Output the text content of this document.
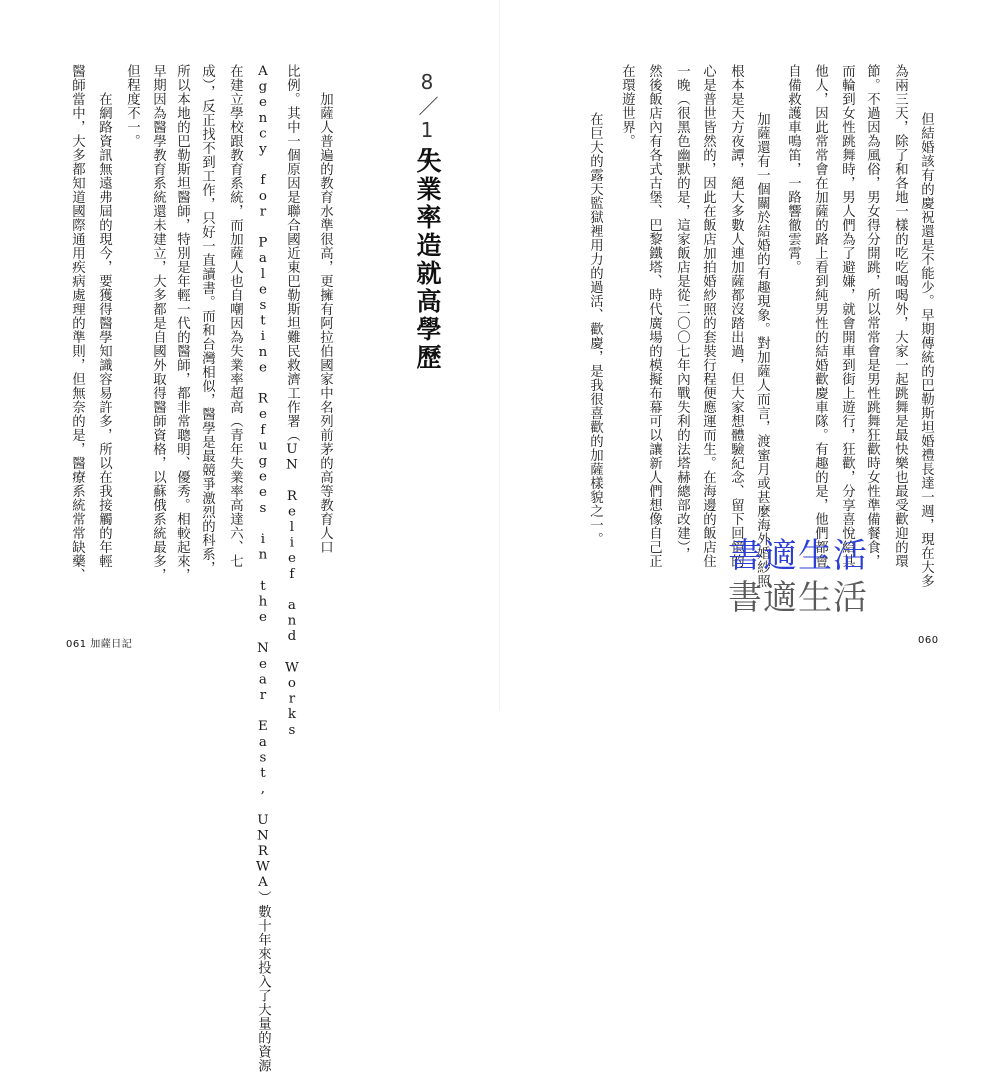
8／17
失業率造就高學歷
　　加薩人普遍的教育水準很高，更擁有阿拉伯國家中名列前茅的高等教育人口
比例。其中一個原因是聯合國近東巴勒斯坦難民救濟工作署（UN Relief and Works
Agency for Palestine Refugees in the Near East, UNRWA）數十年來投入了大量的資源
在建立學校跟教育系統，而加薩人也自嘲因為失業率超高（青年失業率高達六、七
成），反正找不到工作，只好一直讀書。而和台灣相似，醫學是最競爭激烈的科系，
所以本地的巴勒斯坦醫師，特別是年輕一代的醫師，都非常聰明、優秀。相較起來，
早期因為醫學教育系統還未建立，大多都是自國外取得醫師資格，以蘇俄系統最多，
但程度不一。
　　在網路資訊無遠弗屆的現今，要獲得醫學知識容易許多，所以在我接觸的年輕
醫師當中，大多都知道國際通用疾病處理的準則，但無奈的是，醫療系統常常缺藥、
061 加薩日記
　　但結婚該有的慶祝還是不能少。早期傳統的巴勒斯坦婚禮長達一週，現在大多
為兩三天，除了和各地一樣的吃吃喝喝外，大家一起跳舞是最快樂也最受歡迎的環
節。不過因為風俗，男女得分開跳，所以常常會是男性跳舞狂歡時女性準備餐食，
而輪到女性跳舞時，男人們為了避嫌，就會開車到街上遊行，狂歡，分享喜悅給其
他人，因此常常會在加薩的路上看到純男性的結婚歡慶車隊。有趣的是，他們都會
自備救護車鳴笛，一路響徹雲霄。
　　加薩還有一個關於結婚的有趣現象。對加薩人而言，渡蜜月或甚麼海外婚紗照
根本是天方夜譚，絕大多數人連加薩都沒踏出過，但大家想體驗紀念、留下回憶的
心是普世皆然的，因此在飯店加拍婚紗照的套裝行程便應運而生。在海邊的飯店住
一晚（很黑色幽默的是，這家飯店是從二〇〇七年內戰失利的法塔赫總部改建），
然後飯店內有各式古堡、巴黎鐵塔、時代廣場的模擬布幕可以讓新人們想像自己正
在環遊世界。
　　在巨大的露天監獄裡用力的過活、歡慶，是我很喜歡的加薩樣貌之一。
060
書適生活
書適生活
